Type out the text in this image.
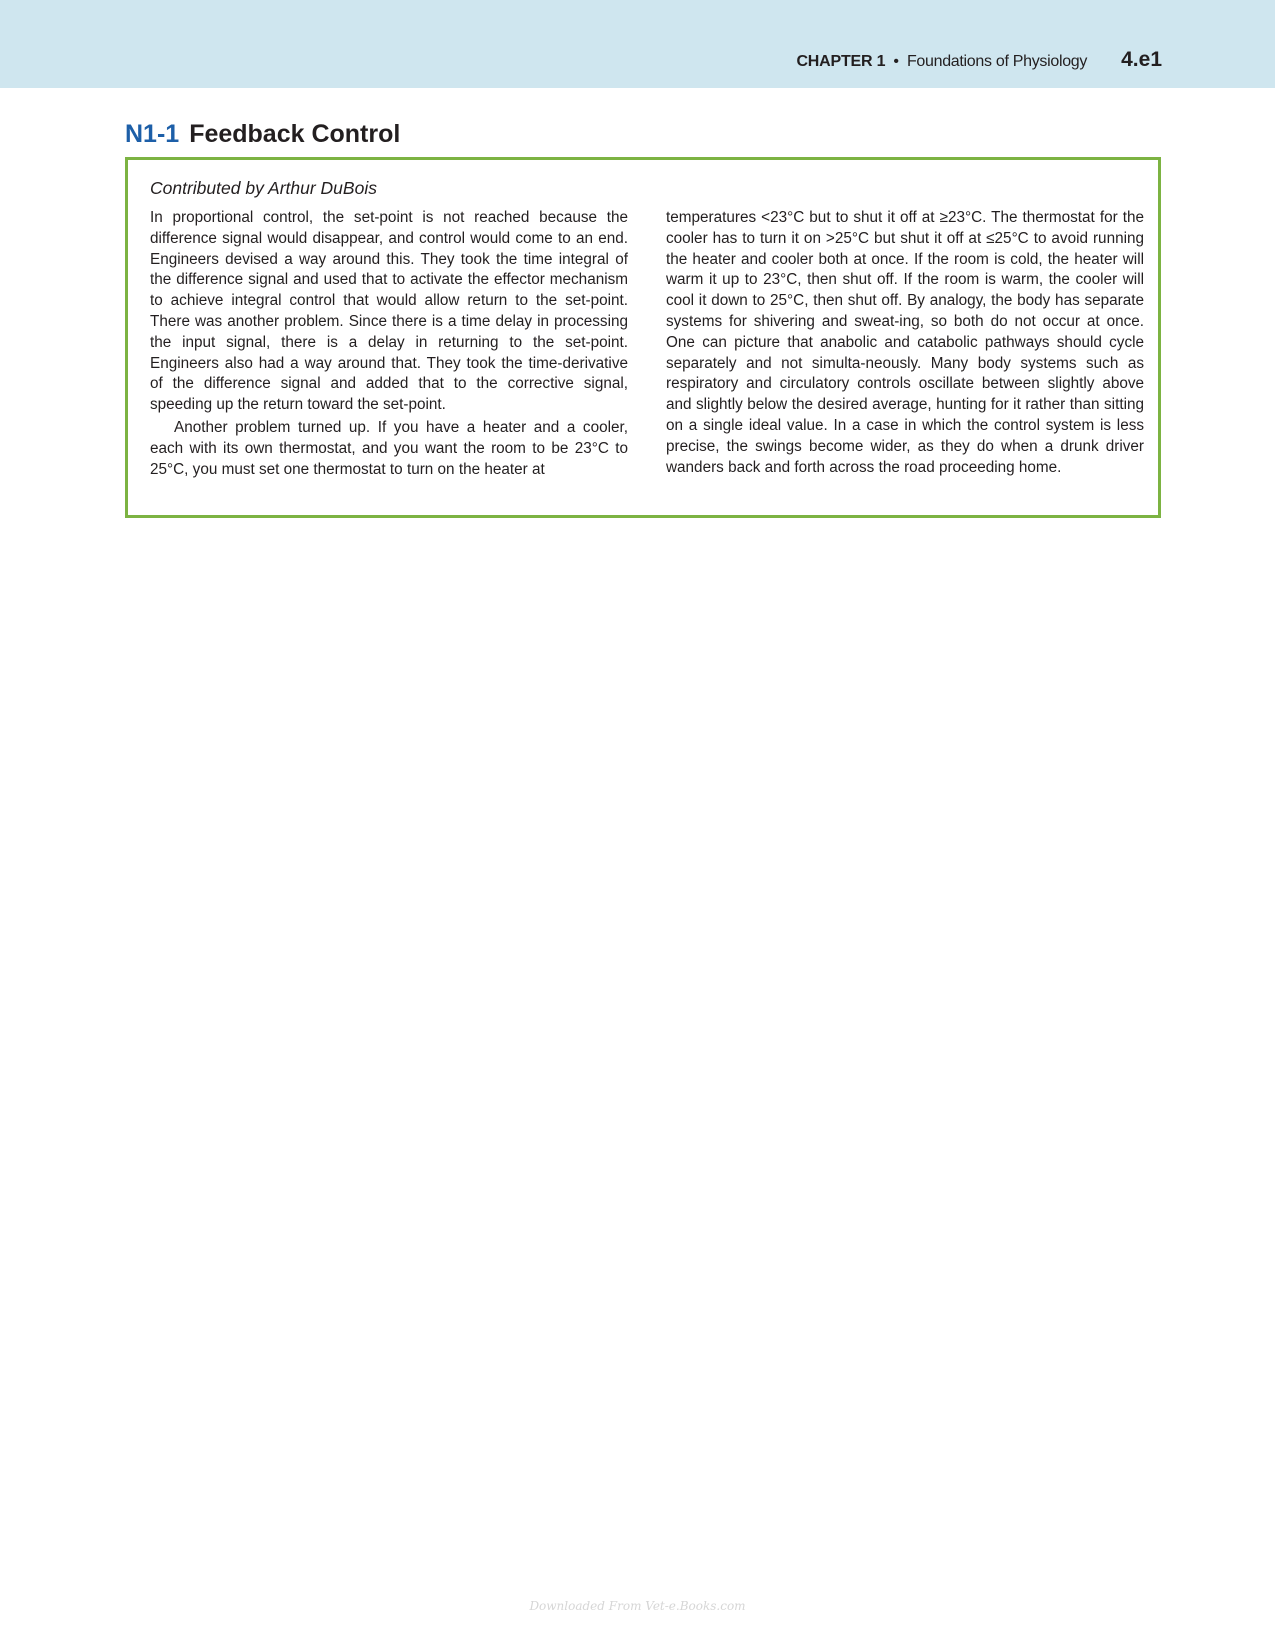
CHAPTER 1 • Foundations of Physiology 4.e1
N1-1 Feedback Control
Contributed by Arthur DuBois

In proportional control, the set-point is not reached because the difference signal would disappear, and control would come to an end. Engineers devised a way around this. They took the time integral of the difference signal and used that to activate the effector mechanism to achieve integral control that would allow return to the set-point. There was another problem. Since there is a time delay in processing the input signal, there is a delay in returning to the set-point. Engineers also had a way around that. They took the time-derivative of the difference signal and added that to the corrective signal, speeding up the return toward the set-point.

Another problem turned up. If you have a heater and a cooler, each with its own thermostat, and you want the room to be 23°C to 25°C, you must set one thermostat to turn on the heater at

temperatures <23°C but to shut it off at ≥23°C. The thermostat for the cooler has to turn it on >25°C but shut it off at ≤25°C to avoid running the heater and cooler both at once. If the room is cold, the heater will warm it up to 23°C, then shut off. If the room is warm, the cooler will cool it down to 25°C, then shut off. By analogy, the body has separate systems for shivering and sweat-ing, so both do not occur at once. One can picture that anabolic and catabolic pathways should cycle separately and not simulta-neously. Many body systems such as respiratory and circulatory controls oscillate between slightly above and slightly below the desired average, hunting for it rather than sitting on a single ideal value. In a case in which the control system is less precise, the swings become wider, as they do when a drunk driver wanders back and forth across the road proceeding home.

Downloaded From Vet-e.Books.com
